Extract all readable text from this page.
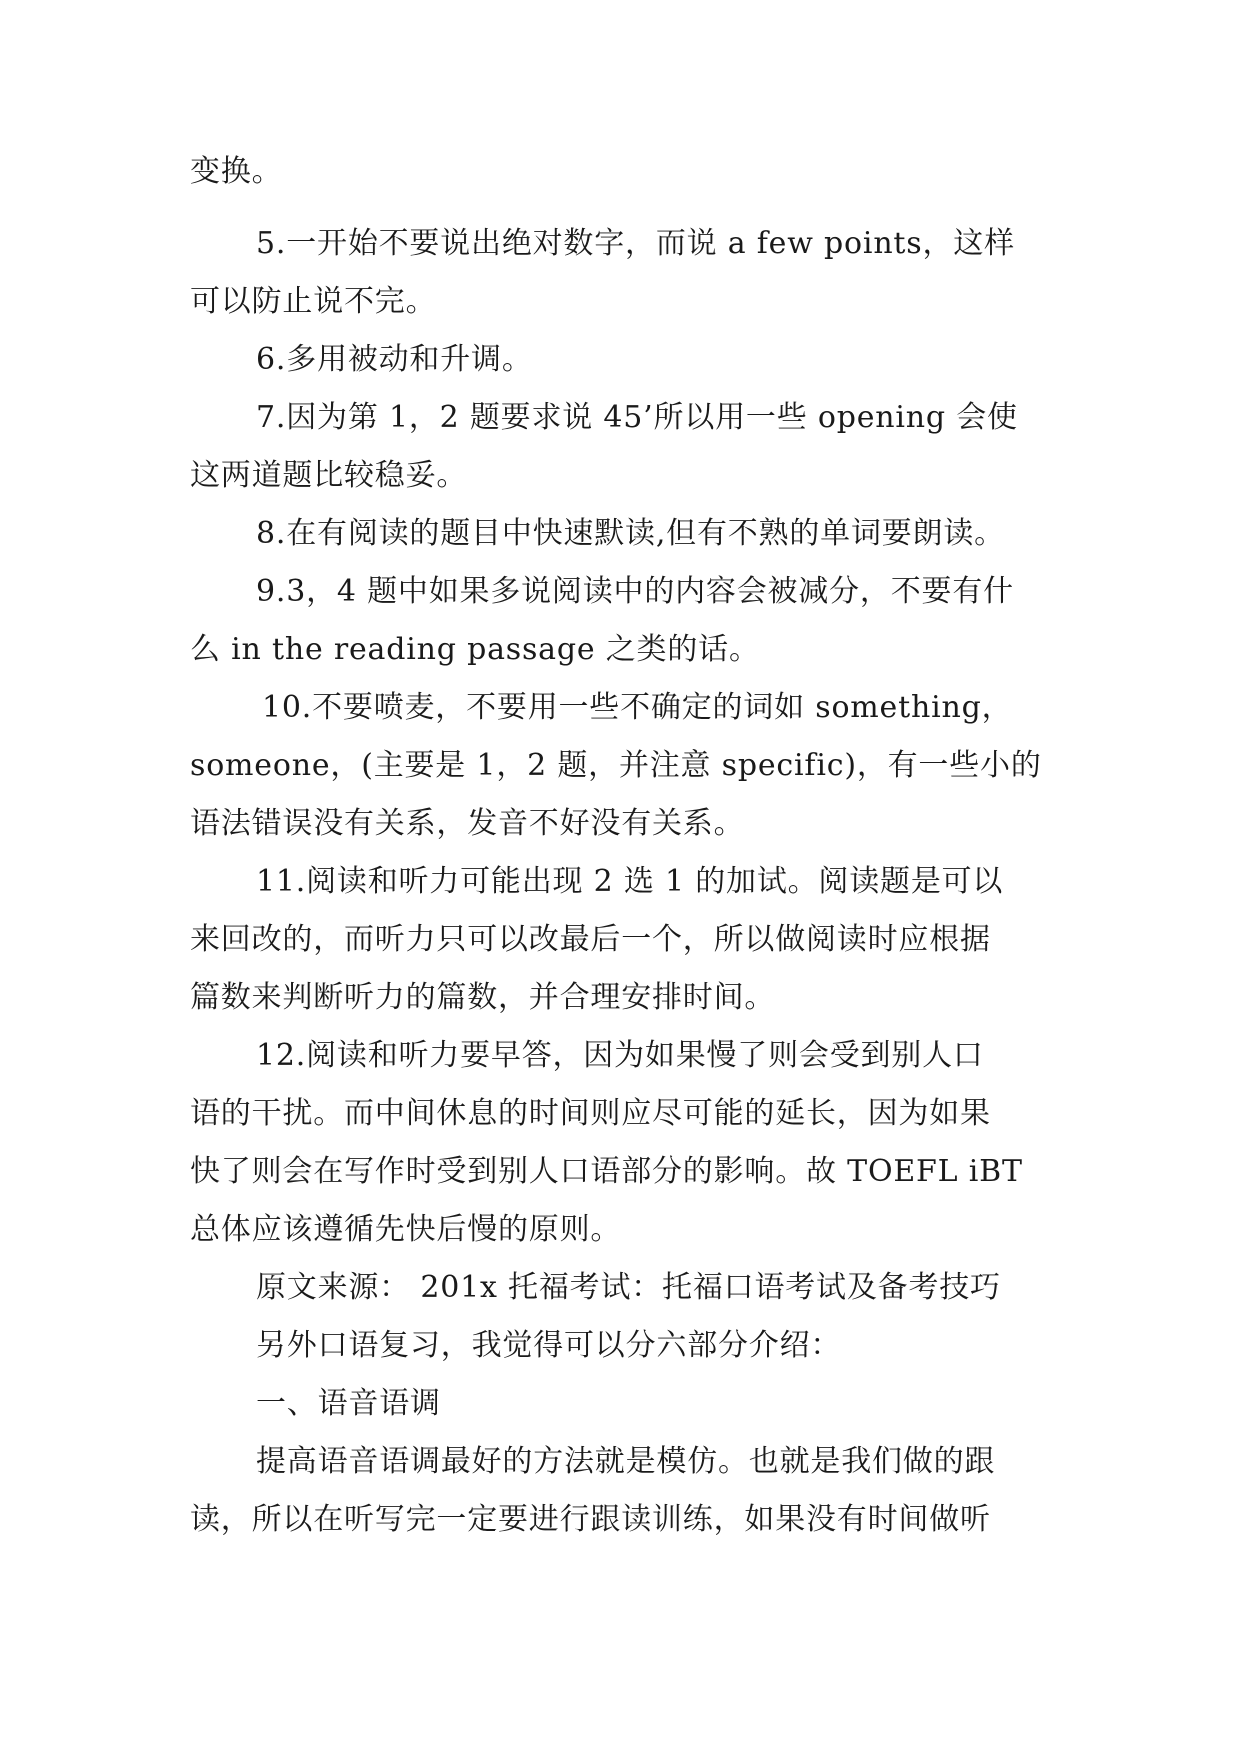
变换。
5.一开始不要说出绝对数字，而说 a few points，这样
可以防止说不完。
6.多用被动和升调。
7.因为第 1，2 题要求说 45’所以用一些 opening 会使
这两道题比较稳妥。
8.在有阅读的题目中快速默读,但有不熟的单词要朗读。
9.3，4 题中如果多说阅读中的内容会被减分，不要有什
么 in the reading passage 之类的话。
10.不要喷麦，不要用一些不确定的词如 something，
someone，(主要是 1，2 题，并注意 specific)，有一些小的
语法错误没有关系，发音不好没有关系。
11.阅读和听力可能出现 2 选 1 的加试。阅读题是可以
来回改的，而听力只可以改最后一个，所以做阅读时应根据
篇数来判断听力的篇数，并合理安排时间。
12.阅读和听力要早答，因为如果慢了则会受到别人口
语的干扰。而中间休息的时间则应尽可能的延长，因为如果
快了则会在写作时受到别人口语部分的影响。故 TOEFL iBT
总体应该遵循先快后慢的原则。
原文来源： 201x 托福考试：托福口语考试及备考技巧
另外口语复习，我觉得可以分六部分介绍：
一、语音语调
提高语音语调最好的方法就是模仿。也就是我们做的跟
读，所以在听写完一定要进行跟读训练，如果没有时间做听
